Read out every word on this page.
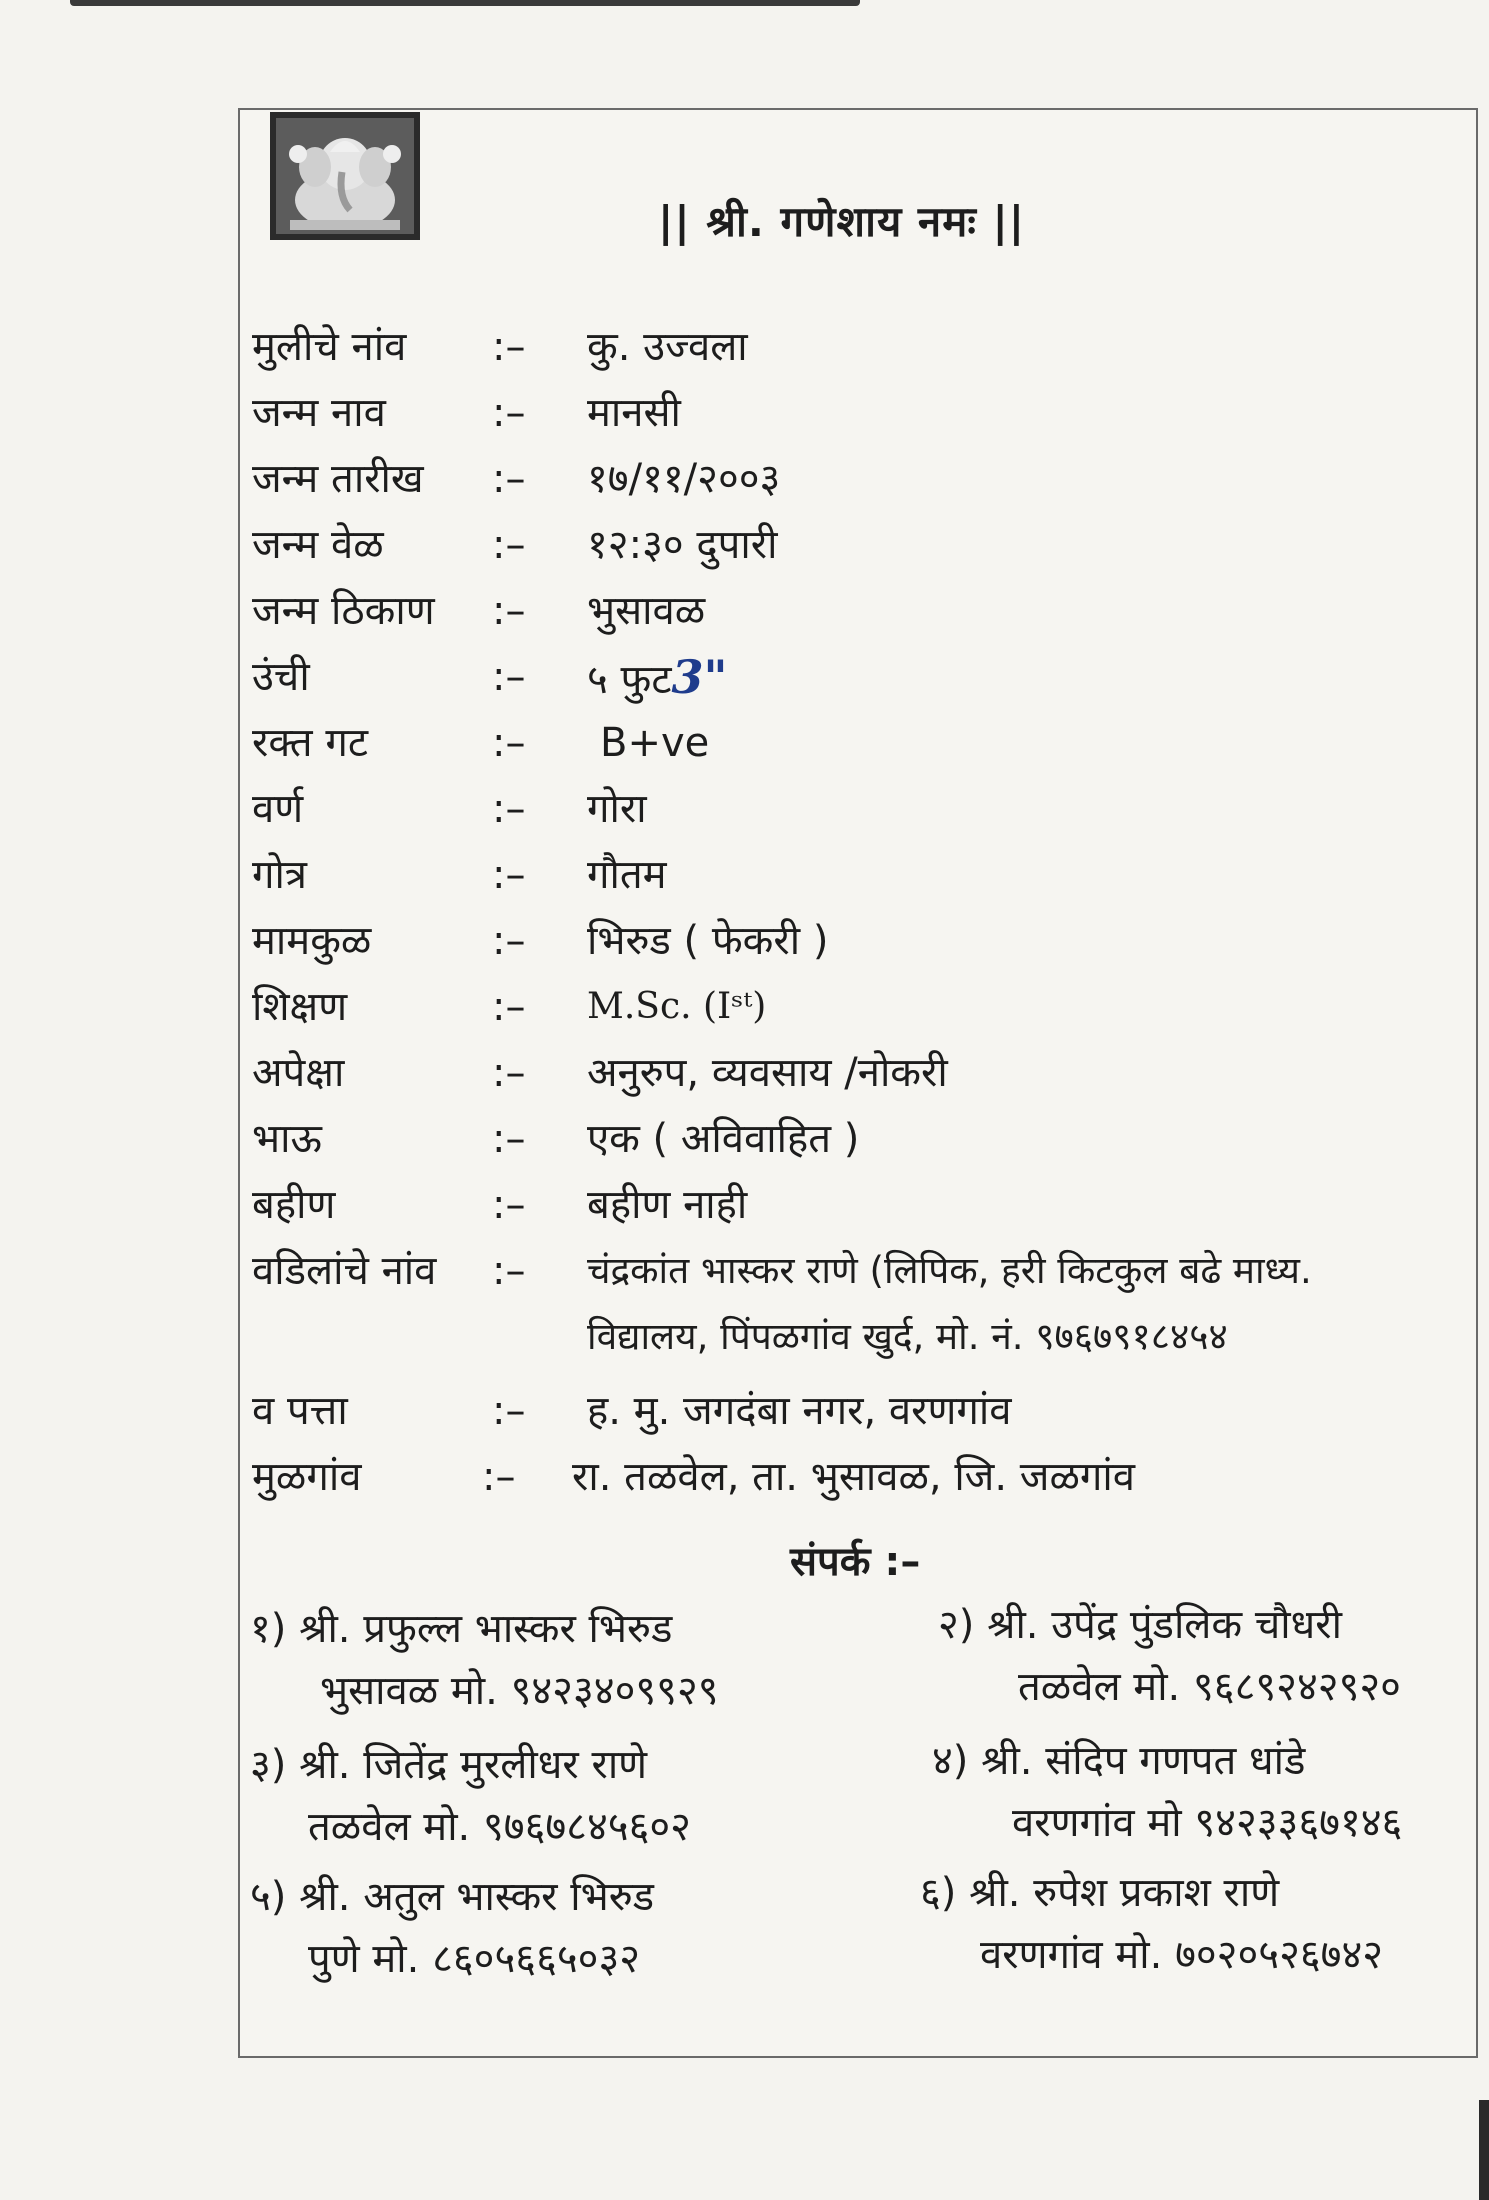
|| श्री. गणेशाय नमः ||
मुलीचे नांव :– कु. उज्वला
जन्म नाव	:– मानसी
जन्म तारीख :– १७/११/२००३
जन्म वेळ	:– १२:३० दुपारी
जन्म ठिकाण :– भुसावळ
उंची	:– ५ फुट3"
रक्त गट	:– B+ve
वर्ण	:– गोरा
गोत्र	:– गौतम
मामकुळ	:– भिरुड ( फेकरी )
शिक्षण	:– M.Sc. (Iˢᵗ)
अपेक्षा	:– अनुरुप, व्यवसाय /नोकरी
भाऊ	:– एक ( अविवाहित )
बहीण	:– बहीण नाही
वडिलांचे नांव :– चंद्रकांत भास्कर राणे (लिपिक, हरी किटकुल बढे माध्य.
विद्यालय, पिंपळगांव खुर्द, मो. नं. ९७६७९१८४५४
व पत्ता	:– ह. मु. जगदंबा नगर, वरणगांव
मुळगांव	:– रा. तळवेल, ता. भुसावळ, जि. जळगांव
संपर्क :–
१) श्री. प्रफुल्ल भास्कर भिरुड
भुसावळ मो. ९४२३४०९९२९
२) श्री. उपेंद्र पुंडलिक चौधरी
तळवेल मो. ९६८९२४२९२०
३) श्री. जितेंद्र मुरलीधर राणे
तळवेल मो. ९७६७८४५६०२
४) श्री. संदिप गणपत धांडे
वरणगांव मो ९४२३३६७१४६
५) श्री. अतुल भास्कर भिरुड
पुणे मो. ८६०५६६५०३२
६) श्री. रुपेश प्रकाश राणे
वरणगांव मो. ७०२०५२६७४२
